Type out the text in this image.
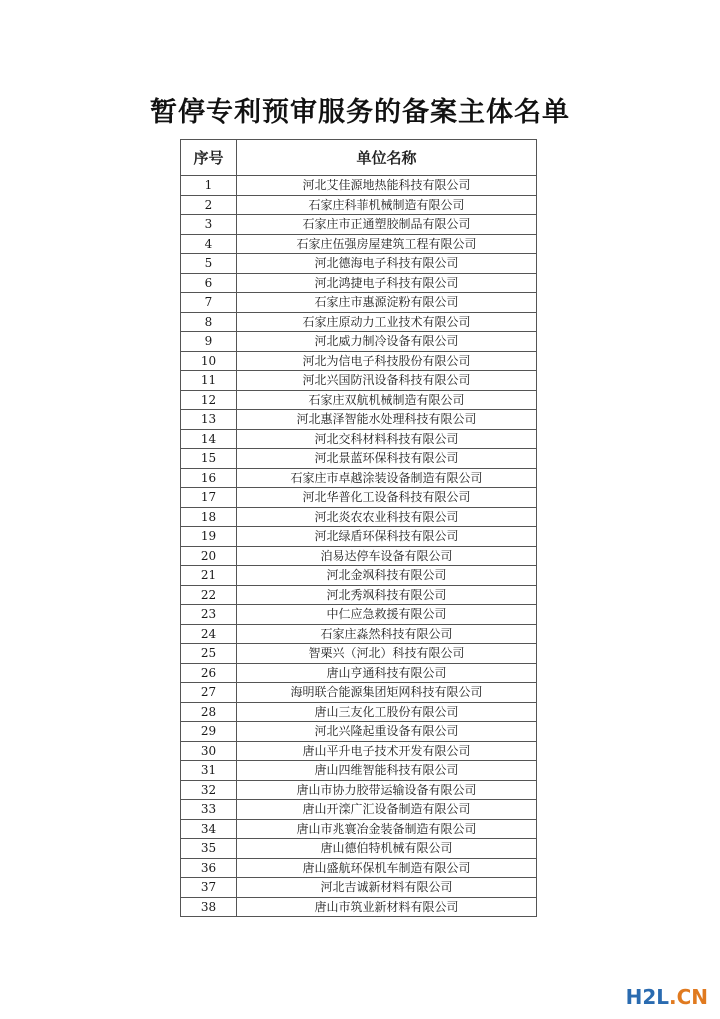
暂停专利预审服务的备案主体名单
序号	单位名称
1	河北艾佳源地热能科技有限公司
2	石家庄科菲机械制造有限公司
3	石家庄市正通塑胶制品有限公司
4	石家庄伍强房屋建筑工程有限公司
5	河北德海电子科技有限公司
6	河北鸿捷电子科技有限公司
7	石家庄市惠源淀粉有限公司
8	石家庄原动力工业技术有限公司
9	河北威力制冷设备有限公司
10	河北为信电子科技股份有限公司
11	河北兴国防汛设备科技有限公司
12	石家庄双航机械制造有限公司
13	河北惠泽智能水处理科技有限公司
14	河北交科材料科技有限公司
15	河北景蓝环保科技有限公司
16	石家庄市卓越涂装设备制造有限公司
17	河北华普化工设备科技有限公司
18	河北炎农农业科技有限公司
19	河北绿盾环保科技有限公司
20	泊易达停车设备有限公司
21	河北金飒科技有限公司
22	河北秀飒科技有限公司
23	中仁应急救援有限公司
24	石家庄淼然科技有限公司
25	智栗兴（河北）科技有限公司
26	唐山亨通科技有限公司
27	海明联合能源集团矩网科技有限公司
28	唐山三友化工股份有限公司
29	河北兴隆起重设备有限公司
30	唐山平升电子技术开发有限公司
31	唐山四维智能科技有限公司
32	唐山市协力胶带运输设备有限公司
33	唐山开滦广汇设备制造有限公司
34	唐山市兆寰冶金装备制造有限公司
35	唐山德伯特机械有限公司
36	唐山盛航环保机车制造有限公司
37	河北吉诚新材料有限公司
38	唐山市筑业新材料有限公司
H2L.CN
